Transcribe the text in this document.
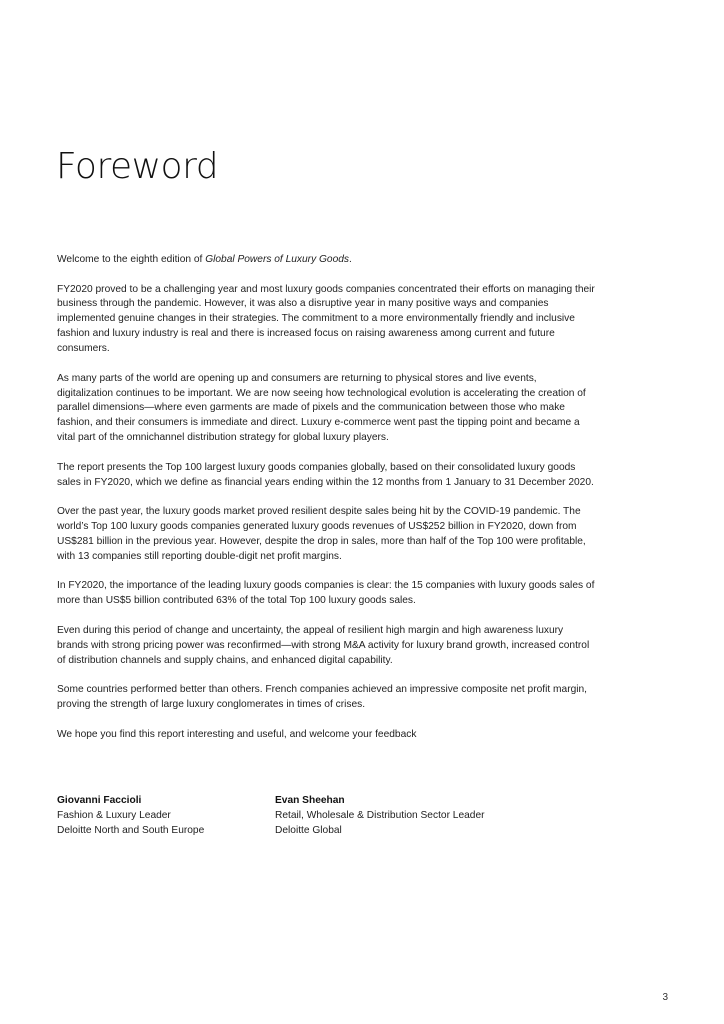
Foreword

Welcome to the eighth edition of Global Powers of Luxury Goods.

FY2020 proved to be a challenging year and most luxury goods companies concentrated their efforts on managing their business through the pandemic. However, it was also a disruptive year in many positive ways and companies implemented genuine changes in their strategies. The commitment to a more environmentally friendly and inclusive fashion and luxury industry is real and there is increased focus on raising awareness among current and future consumers.

As many parts of the world are opening up and consumers are returning to physical stores and live events, digitalization continues to be important. We are now seeing how technological evolution is accelerating the creation of parallel dimensions—where even garments are made of pixels and the communication between those who make fashion, and their consumers is immediate and direct. Luxury e-commerce went past the tipping point and became a vital part of the omnichannel distribution strategy for global luxury players.

The report presents the Top 100 largest luxury goods companies globally, based on their consolidated luxury goods sales in FY2020, which we define as financial years ending within the 12 months from 1 January to 31 December 2020.

Over the past year, the luxury goods market proved resilient despite sales being hit by the COVID-19 pandemic. The world’s Top 100 luxury goods companies generated luxury goods revenues of US$252 billion in FY2020, down from US$281 billion in the previous year. However, despite the drop in sales, more than half of the Top 100 were profitable, with 13 companies still reporting double-digit net profit margins.

In FY2020, the importance of the leading luxury goods companies is clear: the 15 companies with luxury goods sales of more than US$5 billion contributed 63% of the total Top 100 luxury goods sales.

Even during this period of change and uncertainty, the appeal of resilient high margin and high awareness luxury brands with strong pricing power was reconfirmed—with strong M&A activity for luxury brand growth, increased control of distribution channels and supply chains, and enhanced digital capability.

Some countries performed better than others. French companies achieved an impressive composite net profit margin, proving the strength of large luxury conglomerates in times of crises.

We hope you find this report interesting and useful, and welcome your feedback

Giovanni Faccioli
Fashion & Luxury Leader
Deloitte North and South Europe
Evan Sheehan
Retail, Wholesale & Distribution Sector Leader
Deloitte Global
3
